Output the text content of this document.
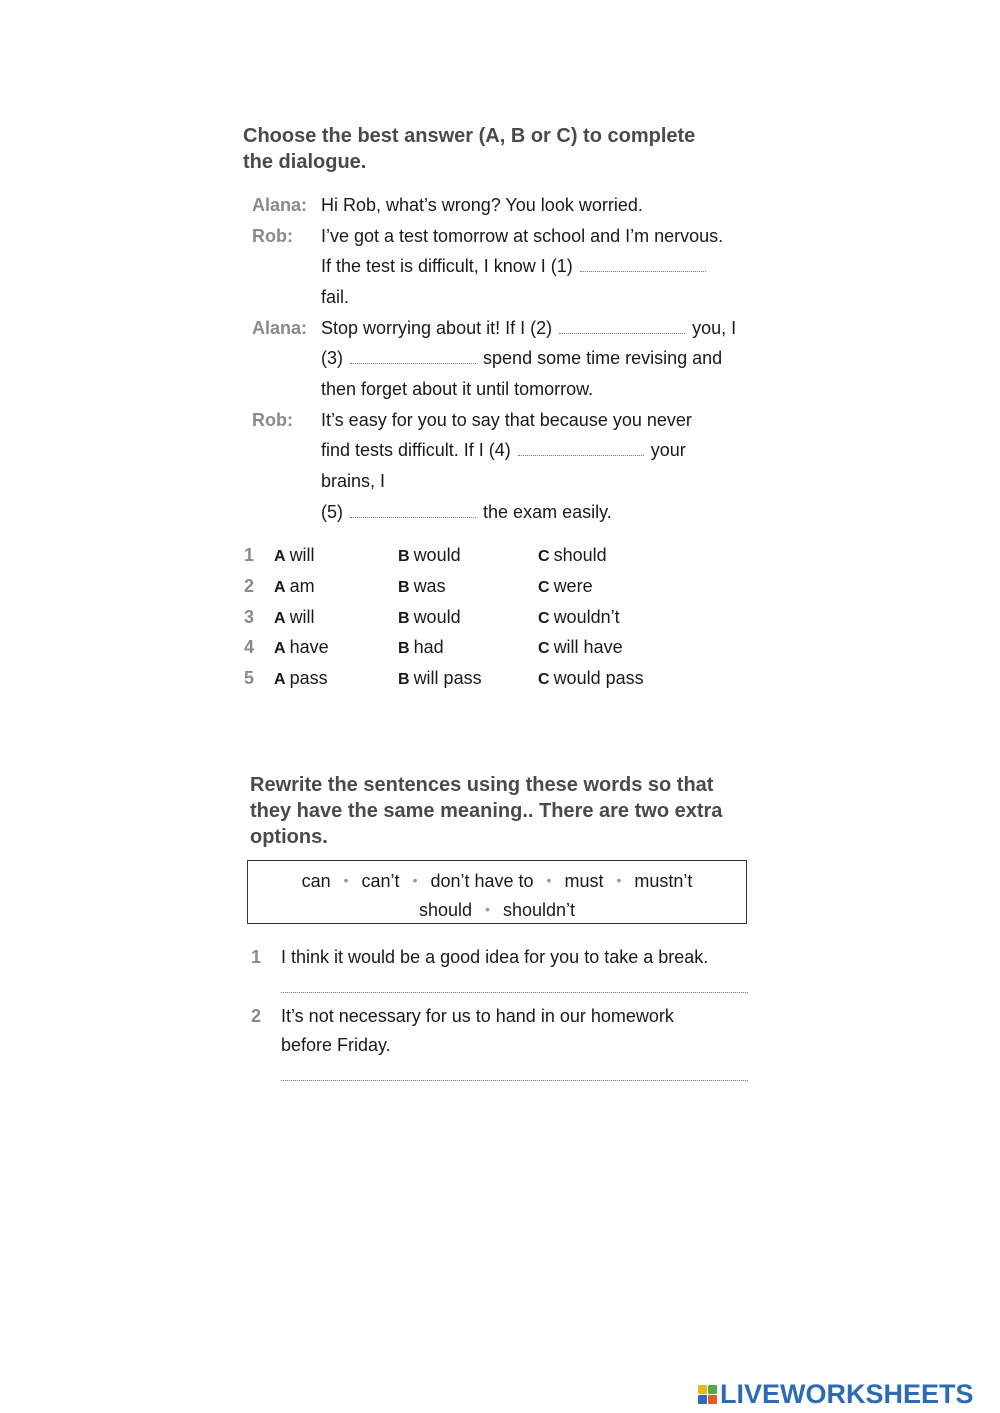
Choose the best answer (A, B or C) to complete

the dialogue.

Alana: Hi Rob, what’s wrong? You look worried.
Rob: I’ve got a test tomorrow at school and I’m nervous.
If the test is difficult, I know I (1)
fail.
Alana: Stop worrying about it! If I (2)	you, I
(3)	spend some time revising and
then forget about it until tomorrow.
Rob: It’s easy for you to say that because you never
find tests difficult. If I (4)	your
brains, I
(5)	the exam easily.
1 A will	B would	C should
2 A am	B was	C were
3 A will	B would	C wouldn’t
4 A have	B had	C will have
5 A pass	B will pass	C would pass

Rewrite the sentences using these words so that

they have the same meaning.. There are two extra

options.

can • can’t • don’t have to • must • mustn’t
should • shouldn’t
1 I think it would be a good idea for you to take a break.
2 It’s not necessary for us to hand in our homework
before Friday.
LIVEWORKSHEETS
